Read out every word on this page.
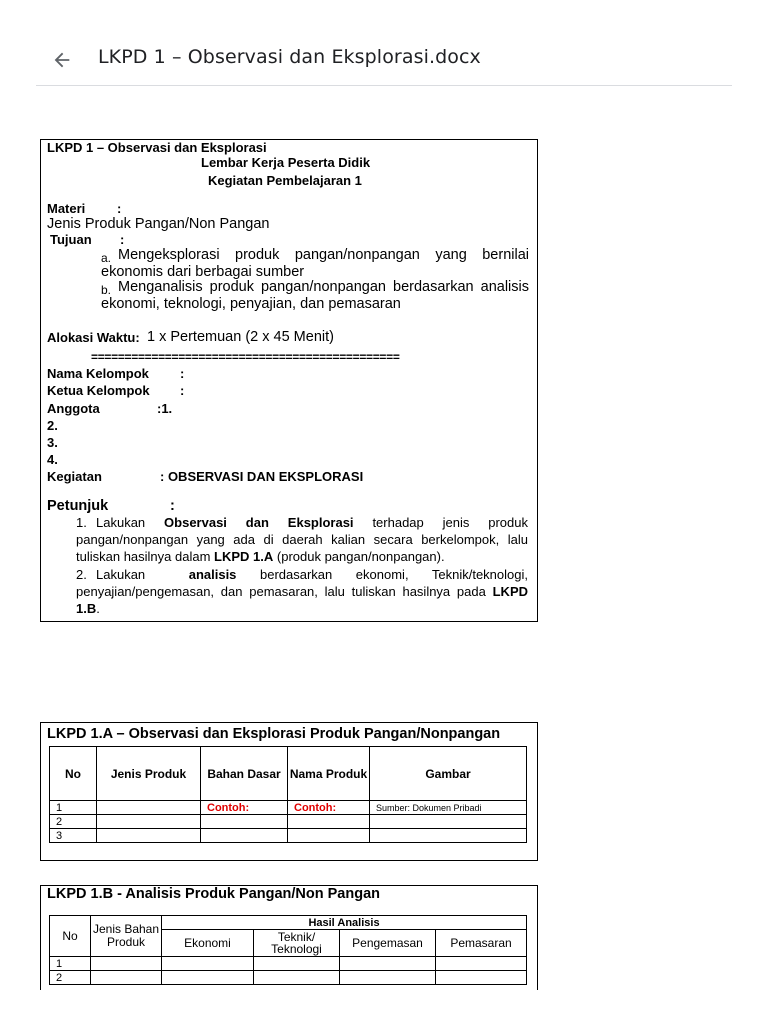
LKPD 1 – Observasi dan Eksplorasi.docx
LKPD 1 – Observasi dan Eksplorasi
Lembar Kerja Peserta Didik
Kegiatan Pembelajaran 1
Materi :
Jenis Produk Pangan/Non Pangan
Tujuan :
a. Mengeksplorasi produk pangan/nonpangan yang bernilai ekonomis dari berbagai sumber
b. Menganalisis produk pangan/nonpangan berdasarkan analisis ekonomi, teknologi, penyajian, dan pemasaran
Alokasi Waktu: 1 x Pertemuan (2 x 45 Menit)
==============================================
Nama Kelompok :
Ketua Kelompok :
Anggota	:1.
2.
3.
4.
Kegiatan	: OBSERVASI DAN EKSPLORASI
Petunjuk	:
1. Lakukan Observasi dan Eksplorasi terhadap jenis produk pangan/nonpangan yang ada di daerah kalian secara berkelompok, lalu tuliskan hasilnya dalam LKPD 1.A (produk pangan/nonpangan).
2. Lakukan	analisis berdasarkan ekonomi, Teknik/teknologi, penyajian/pengemasan, dan pemasaran, lalu tuliskan hasilnya pada LKPD 1.B.
LKPD 1.A – Observasi dan Eksplorasi Produk Pangan/Nonpangan
No	Jenis Produk	Bahan Dasar	Nama Produk	Gambar
1		Contoh:	Contoh:	Sumber: Dokumen Pribadi
2				
3				
LKPD 1.B - Analisis Produk Pangan/Non Pangan
No	Jenis Bahan Produk	Hasil Analisis			
		Ekonomi	Teknik/ Teknologi	Pengemasan	Pemasaran
1					
2					
